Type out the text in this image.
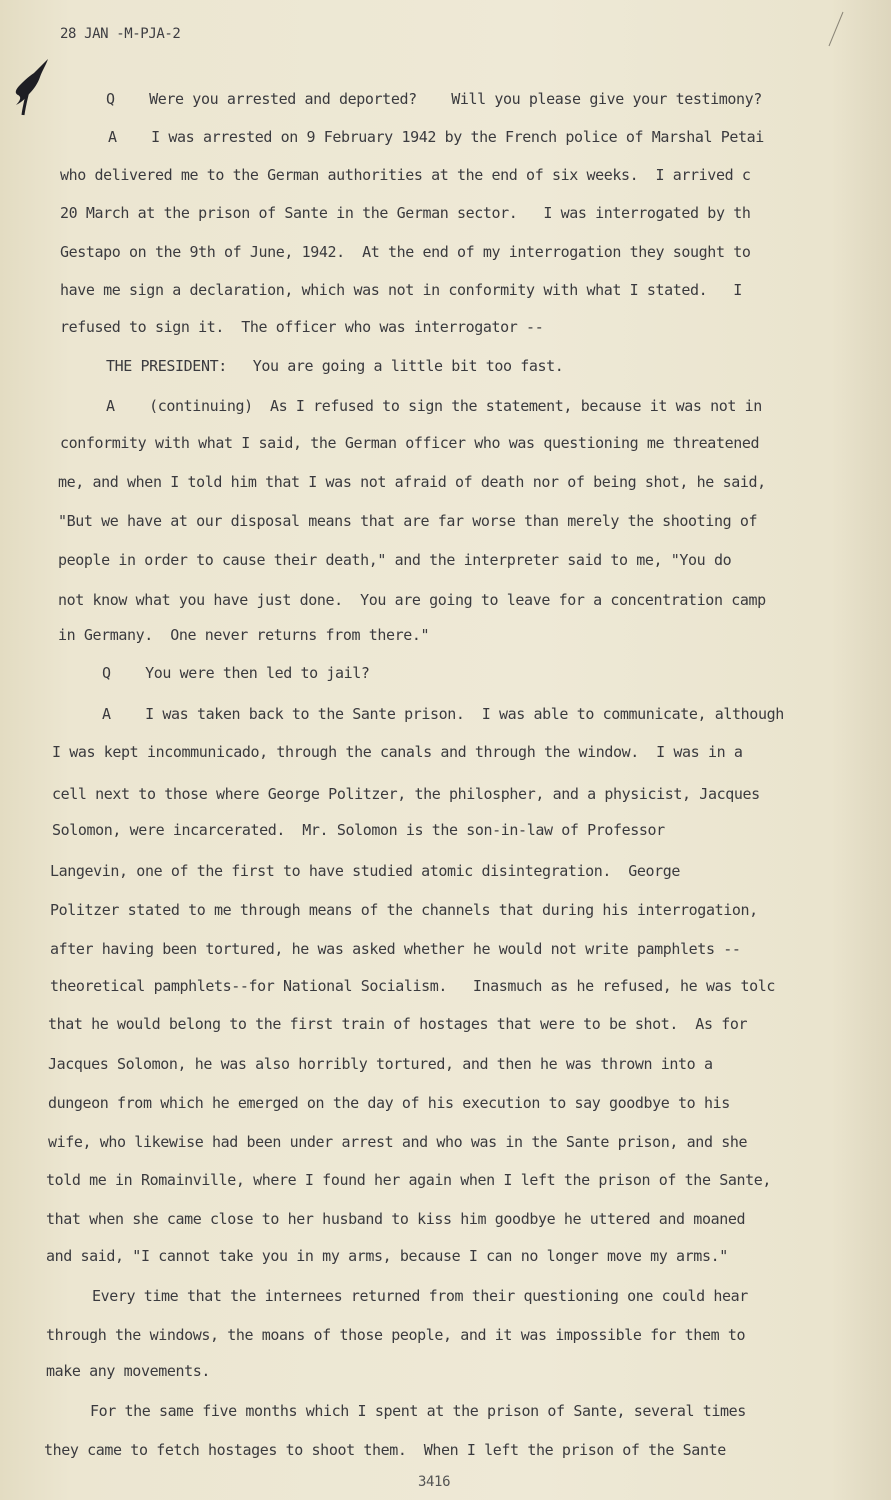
28 JAN -M-PJA-2
Q    Were you arrested and deported?    Will you please give your testimony?
A    I was arrested on 9 February 1942 by the French police of Marshal Petai
who delivered me to the German authorities at the end of six weeks.  I arrived c
20 March at the prison of Sante in the German sector.   I was interrogated by th
Gestapo on the 9th of June, 1942.  At the end of my interrogation they sought to
have me sign a declaration, which was not in conformity with what I stated.   I
refused to sign it.  The officer who was interrogator --
THE PRESIDENT:   You are going a little bit too fast.
A    (continuing)  As I refused to sign the statement, because it was not in
conformity with what I said, the German officer who was questioning me threatened
me, and when I told him that I was not afraid of death nor of being shot, he said,
"But we have at our disposal means that are far worse than merely the shooting of
people in order to cause their death," and the interpreter said to me, "You do
not know what you have just done.  You are going to leave for a concentration camp
in Germany.  One never returns from there."
Q    You were then led to jail?
A    I was taken back to the Sante prison.  I was able to communicate, although
I was kept incommunicado, through the canals and through the window.  I was in a
cell next to those where George Politzer, the philospher, and a physicist, Jacques
Solomon, were incarcerated.  Mr. Solomon is the son-in-law of Professor
Langevin, one of the first to have studied atomic disintegration.  George
Politzer stated to me through means of the channels that during his interrogation,
after having been tortured, he was asked whether he would not write pamphlets --
theoretical pamphlets--for National Socialism.   Inasmuch as he refused, he was tolc
that he would belong to the first train of hostages that were to be shot.  As for
Jacques Solomon, he was also horribly tortured, and then he was thrown into a
dungeon from which he emerged on the day of his execution to say goodbye to his
wife, who likewise had been under arrest and who was in the Sante prison, and she
told me in Romainville, where I found her again when I left the prison of the Sante,
that when she came close to her husband to kiss him goodbye he uttered and moaned
and said, "I cannot take you in my arms, because I can no longer move my arms."
Every time that the internees returned from their questioning one could hear
through the windows, the moans of those people, and it was impossible for them to
make any movements.
For the same five months which I spent at the prison of Sante, several times
they came to fetch hostages to shoot them.  When I left the prison of the Sante
3416
